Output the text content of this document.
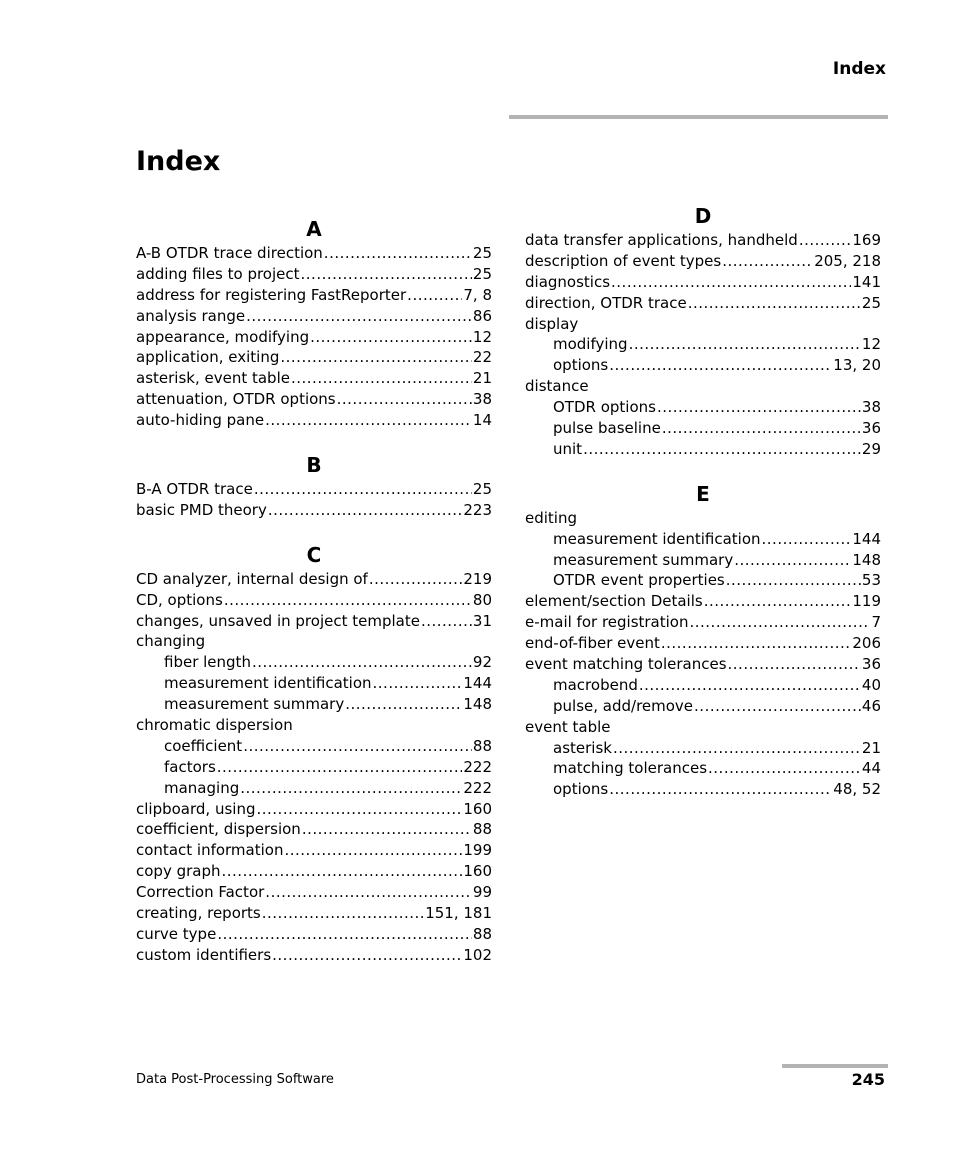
Index
Index
A
A-B OTDR trace direction .....	25
adding files to project .....	25
address for registering FastReporter .....	7, 8
analysis range .....	86
appearance, modifying .....	12
application, exiting .....	22
asterisk, event table .....	21
attenuation, OTDR options .....	38
auto-hiding pane .....	14
B
B-A OTDR trace .....	25
basic PMD theory .....	223
C
CD analyzer, internal design of .....	219
CD, options .....	80
changes, unsaved in project template .....	31
changing
fiber length .....	92
measurement identification .....	144
measurement summary .....	148
chromatic dispersion
coefficient .....	88
factors .....	222
managing .....	222
clipboard, using .....	160
coefficient, dispersion .....	88
contact information .....	199
copy graph .....	160
Correction Factor .....	99
creating, reports .....	151, 181
curve type .....	88
custom identifiers .....	102
D
data transfer applications, handheld .....	169
description of event types .....	205, 218
diagnostics .....	141
direction, OTDR trace .....	25
display
modifying .....	12
options .....	13, 20
distance
OTDR options .....	38
pulse baseline .....	36
unit .....	29
E
editing
measurement identification .....	144
measurement summary .....	148
OTDR event properties .....	53
element/section Details .....	119
e-mail for registration .....	7
end-of-fiber event .....	206
event matching tolerances .....	36
macrobend .....	40
pulse, add/remove .....	46
event table
asterisk .....	21
matching tolerances .....	44
options .....	48, 52
Data Post-Processing Software	245
